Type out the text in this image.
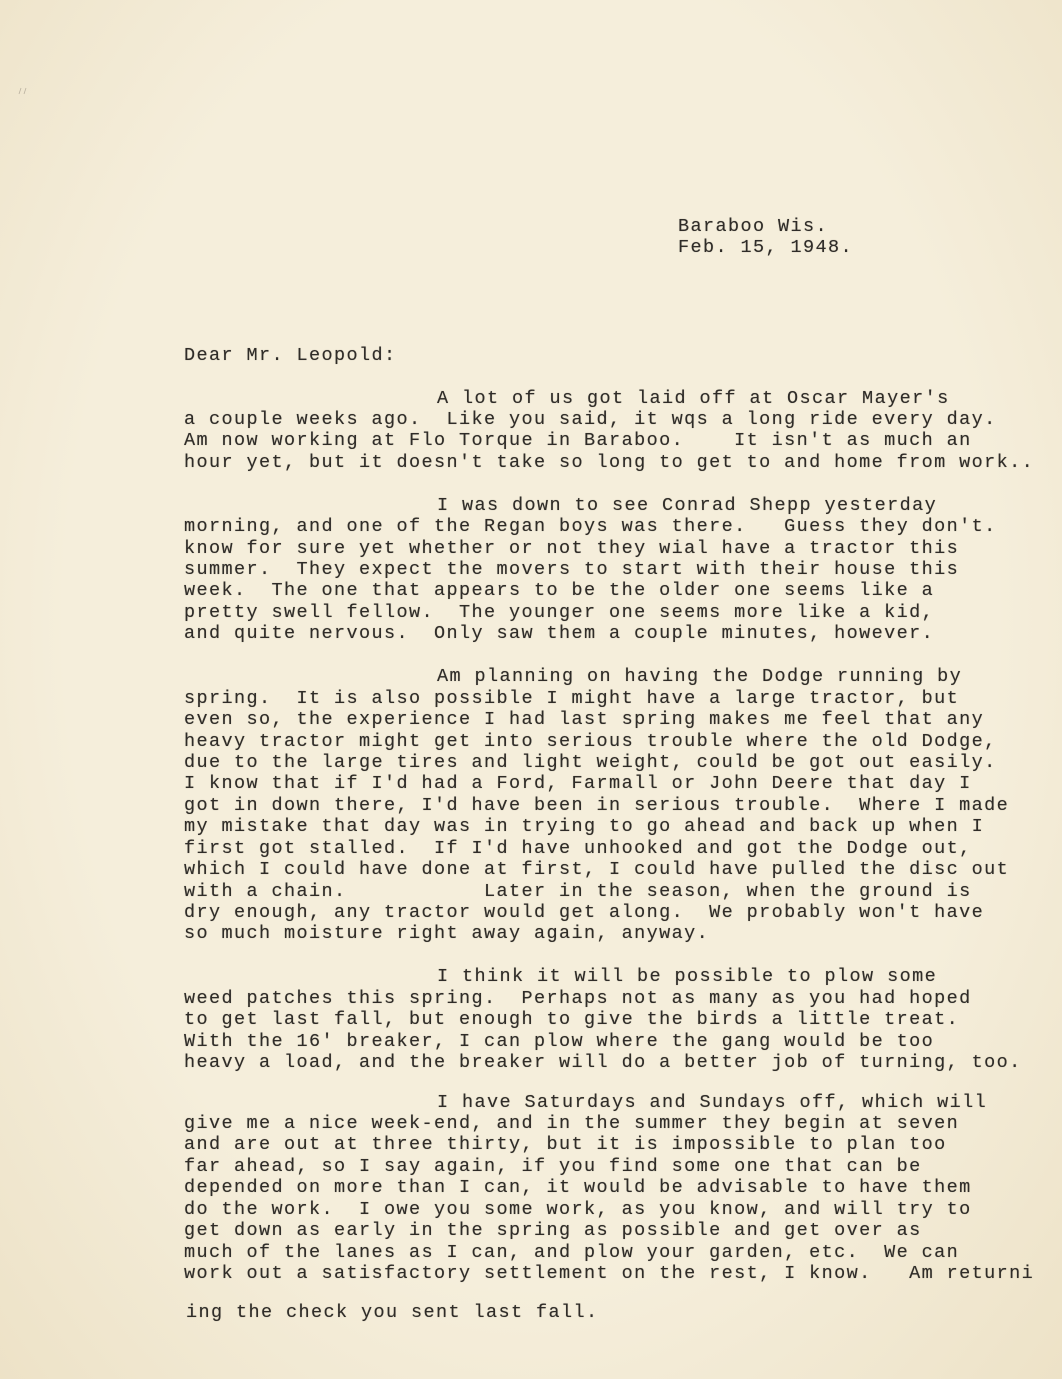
Baraboo Wis.
Feb. 15, 1948.
Dear Mr. Leopold:
A lot of us got laid off at Oscar Mayer's
a couple weeks ago.  Like you said, it wqs a long ride every day.
Am now working at Flo Torque in Baraboo.    It isn't as much an
hour yet, but it doesn't take so long to get to and home from work..
I was down to see Conrad Shepp yesterday
morning, and one of the Regan boys was there.   Guess they don't.
know for sure yet whether or not they wial have a tractor this
summer.  They expect the movers to start with their house this
week.  The one that appears to be the older one seems like a
pretty swell fellow.  The younger one seems more like a kid,
and quite nervous.  Only saw them a couple minutes, however.
Am planning on having the Dodge running by
spring.  It is also possible I might have a large tractor, but
even so, the experience I had last spring makes me feel that any
heavy tractor might get into serious trouble where the old Dodge,
due to the large tires and light weight, could be got out easily.
I know that if I'd had a Ford, Farmall or John Deere that day I
got in down there, I'd have been in serious trouble.  Where I made
my mistake that day was in trying to go ahead and back up when I
first got stalled.  If I'd have unhooked and got the Dodge out,
which I could have done at first, I could have pulled the disc out
with a chain.           Later in the season, when the ground is
dry enough, any tractor would get along.  We probably won't have
so much moisture right away again, anyway.
I think it will be possible to plow some
weed patches this spring.  Perhaps not as many as you had hoped
to get last fall, but enough to give the birds a little treat.
With the 16' breaker, I can plow where the gang would be too
heavy a load, and the breaker will do a better job of turning, too.
I have Saturdays and Sundays off, which will
give me a nice week-end, and in the summer they begin at seven
and are out at three thirty, but it is impossible to plan too
far ahead, so I say again, if you find some one that can be
depended on more than I can, it would be advisable to have them
do the work.  I owe you some work, as you know, and will try to
get down as early in the spring as possible and get over as
much of the lanes as I can, and plow your garden, etc.  We can
work out a satisfactory settlement on the rest, I know.   Am returni
ing the check you sent last fall.
